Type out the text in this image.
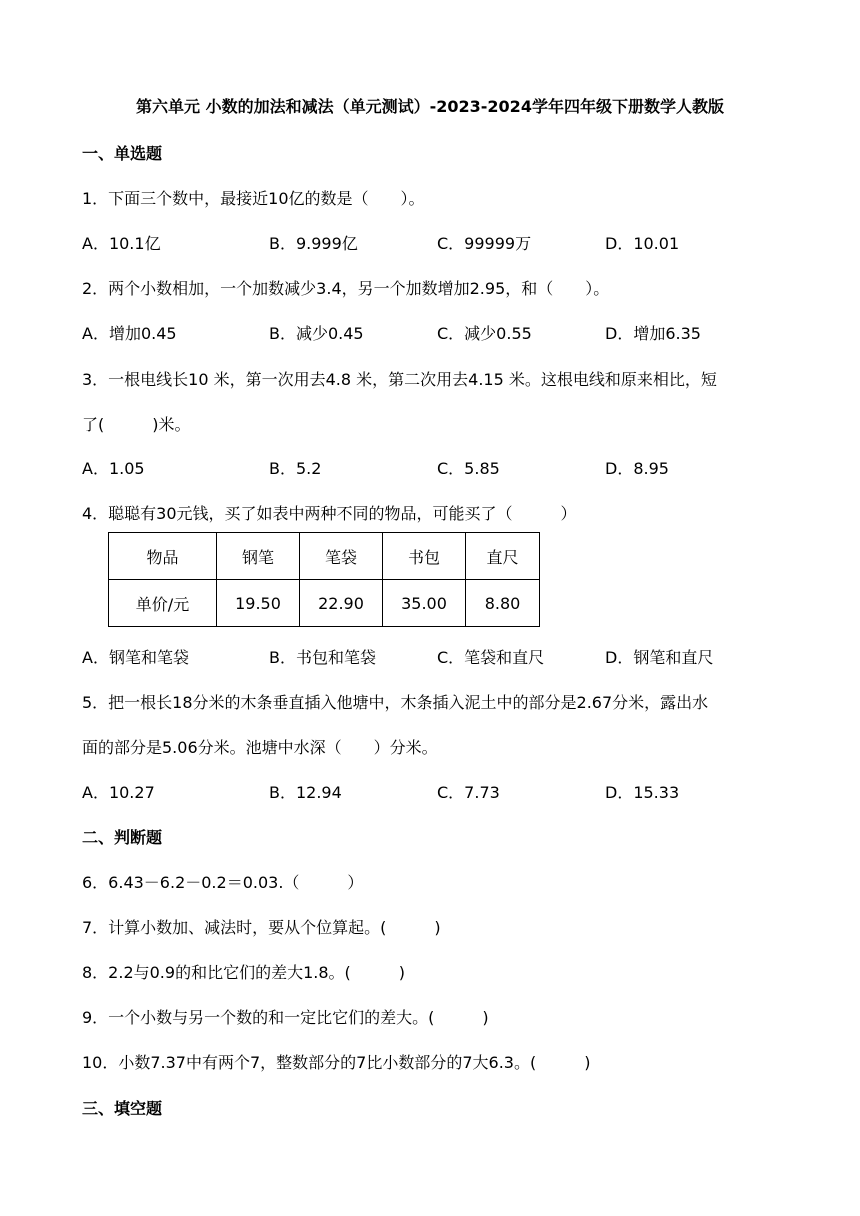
第六单元 小数的加法和减法（单元测试）-2023-2024学年四年级下册数学人教版
一、单选题
1．下面三个数中，最接近10亿的数是（　　）。
A．10.1亿	B．9.999亿	C．99999万	D．10.01
2．两个小数相加，一个加数减少3.4，另一个加数增加2.95，和（　　）。
A．增加0.45	B．减少0.45	C．减少0.55	D．增加6.35
3．一根电线长10 米，第一次用去4.8 米，第二次用去4.15 米。这根电线和原来相比，短
了(　　　)米。
A．1.05	B．5.2	C．5.85	D．8.95
4．聪聪有30元钱，买了如表中两种不同的物品，可能买了（　　　）
物品	钢笔	笔袋	书包	直尺
单价/元	19.50	22.90	35.00	8.80
A．钢笔和笔袋	B．书包和笔袋	C．笔袋和直尺	D．钢笔和直尺
5．把一根长18分米的木条垂直插入他塘中，木条插入泥土中的部分是2.67分米，露出水
面的部分是5.06分米。池塘中水深（　　）分米。
A．10.27	B．12.94	C．7.73	D．15.33
二、判断题
6．6.43－6.2－0.2＝0.03.（　　　）
7．计算小数加、减法时，要从个位算起。(　　　)
8．2.2与0.9的和比它们的差大1.8。(　　　)
9．一个小数与另一个数的和一定比它们的差大。(　　　)
10．小数7.37中有两个7，整数部分的7比小数部分的7大6.3。(　　　)
三、填空题
